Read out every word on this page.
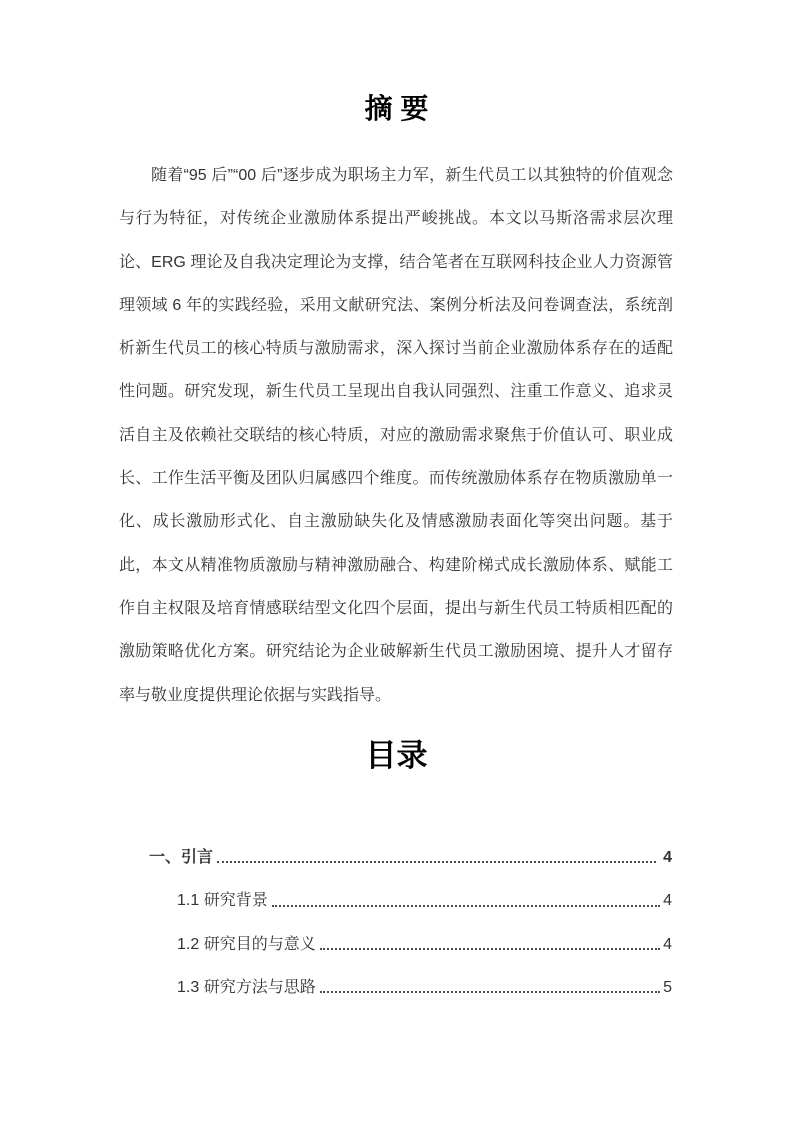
摘 要
随着“95 后”“00 后”逐步成为职场主力军，新生代员工以其独特的价值观念
与行为特征，对传统企业激励体系提出严峻挑战。本文以马斯洛需求层次理
论、ERG 理论及自我决定理论为支撑，结合笔者在互联网科技企业人力资源管
理领域 6 年的实践经验，采用文献研究法、案例分析法及问卷调查法，系统剖
析新生代员工的核心特质与激励需求，深入探讨当前企业激励体系存在的适配
性问题。研究发现，新生代员工呈现出自我认同强烈、注重工作意义、追求灵
活自主及依赖社交联结的核心特质，对应的激励需求聚焦于价值认可、职业成
长、工作生活平衡及团队归属感四个维度。而传统激励体系存在物质激励单一
化、成长激励形式化、自主激励缺失化及情感激励表面化等突出问题。基于
此，本文从精准物质激励与精神激励融合、构建阶梯式成长激励体系、赋能工
作自主权限及培育情感联结型文化四个层面，提出与新生代员工特质相匹配的
激励策略优化方案。研究结论为企业破解新生代员工激励困境、提升人才留存
率与敬业度提供理论依据与实践指导。
目录
一、引言	4
1.1 研究背景	4
1.2 研究目的与意义	4
1.3 研究方法与思路	5
